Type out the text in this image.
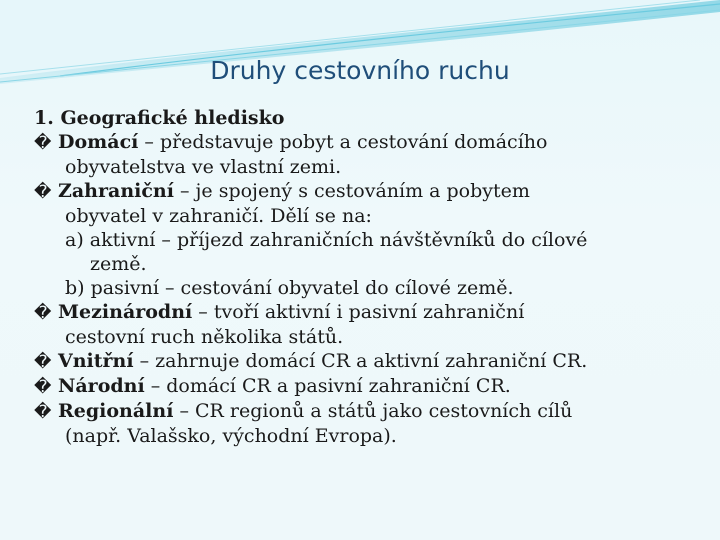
Druhy cestovního ruchu
1. Geografické hledisko
� Domácí – představuje pobyt a cestování domácího
obyvatelstva ve vlastní zemi.
� Zahraniční – je spojený s cestováním a pobytem
obyvatel v zahraničí. Dělí se na:
a) aktivní – příjezd zahraničních návštěvníků do cílové
země.
b) pasivní – cestování obyvatel do cílové země.
� Mezinárodní – tvoří aktivní i pasivní zahraniční
cestovní ruch několika států.
� Vnitřní – zahrnuje domácí CR a aktivní zahraniční CR.
� Národní – domácí CR a pasivní zahraniční CR.
� Regionální – CR regionů a států jako cestovních cílů
(např. Valašsko, východní Evropa).
